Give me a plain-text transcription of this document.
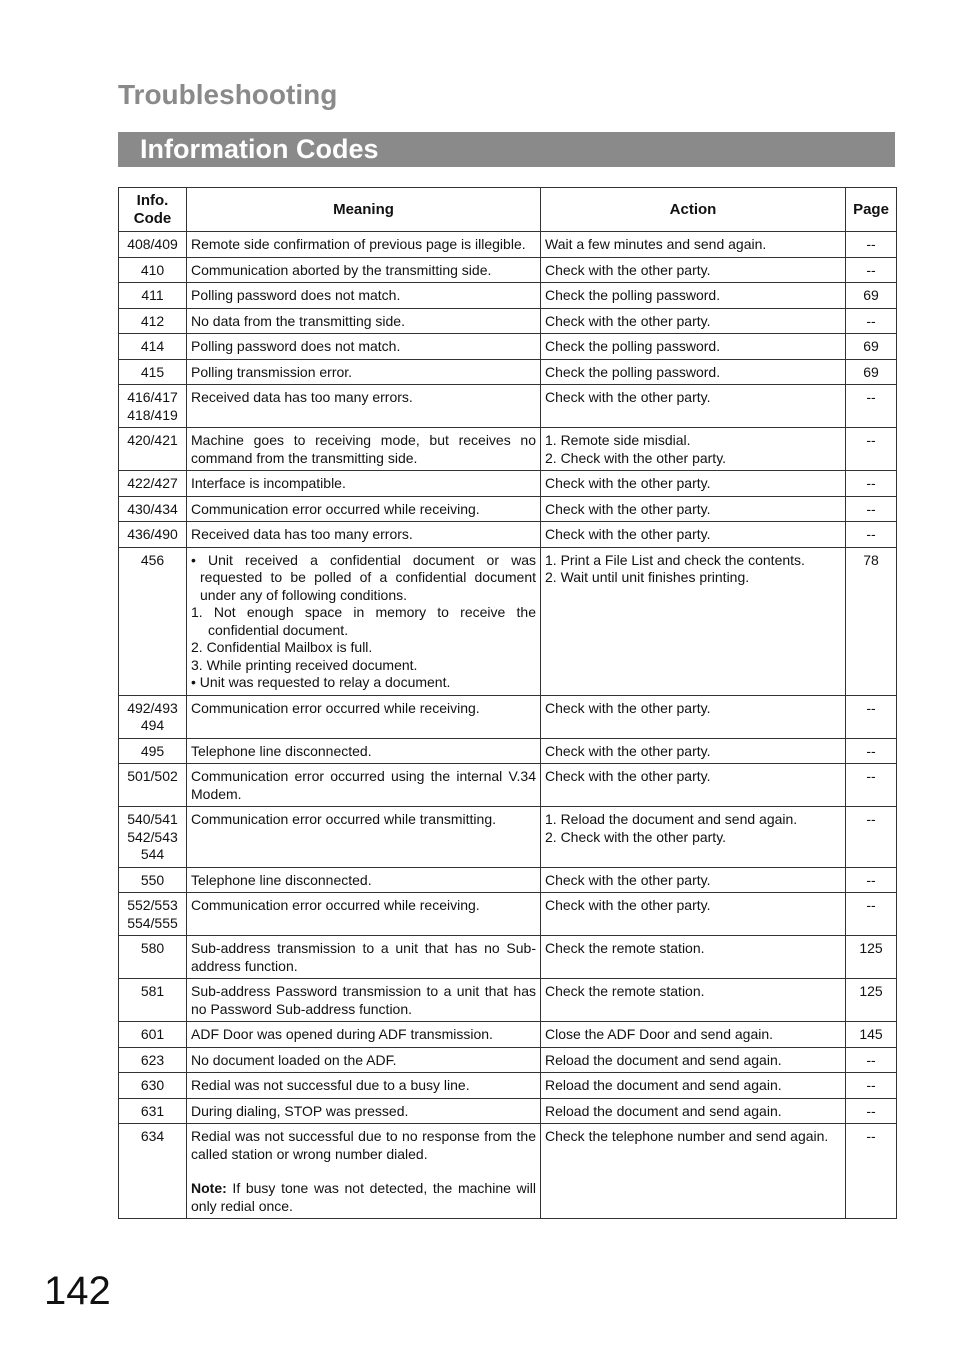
Troubleshooting
Information Codes
Info.
Code	Meaning	Action	Page

408/409	Remote side confirmation of previous page is illegible.	Wait a few minutes and send again.	--

410	Communication aborted by the transmitting side.	Check with the other party.	--

411	Polling password does not match.	Check the polling password.	69

412	No data from the transmitting side.	Check with the other party.	--

414	Polling password does not match.	Check the polling password.	69

415	Polling transmission error.	Check the polling password.	69

416/417
418/419	Received data has too many errors.	Check with the other party.	--

420/421	Machine goes to receiving mode, but receives no command from the transmitting side.	1. Remote side misdial.
2. Check with the other party.	--

422/427	Interface is incompatible.	Check with the other party.	--

430/434	Communication error occurred while receiving.	Check with the other party.	--

436/490	Received data has too many errors.	Check with the other party.	--

456	• Unit received a confidential document or was requested to be polled of a confidential document under any of following conditions.
1. Not enough space in memory to receive the confidential document.
2. Confidential Mailbox is full.
3. While printing received document.
• Unit was requested to relay a document.	1. Print a File List and check the contents.
2. Wait until unit finishes printing.	78

492/493
494	Communication error occurred while receiving.	Check with the other party.	--

495	Telephone line disconnected.	Check with the other party.	--

501/502	Communication error occurred using the internal V.34 Modem.	Check with the other party.	--

540/541
542/543
544	Communication error occurred while transmitting.	1. Reload the document and send again.
2. Check with the other party.	--

550	Telephone line disconnected.	Check with the other party.	--

552/553
554/555	Communication error occurred while receiving.	Check with the other party.	--

580	Sub-address transmission to a unit that has no Sub-address function.	Check the remote station.	125

581	Sub-address Password transmission to a unit that has no Password Sub-address function.	Check the remote station.	125

601	ADF Door was opened during ADF transmission.	Close the ADF Door and send again.	145

623	No document loaded on the ADF.	Reload the document and send again.	--

630	Redial was not successful due to a busy line.	Reload the document and send again.	--

631	During dialing, STOP was pressed.	Reload the document and send again.	--

634	Redial was not successful due to no response from the called station or wrong number dialed.
Note: If busy tone was not detected, the machine will only redial once.	Check the telephone number and send again.	--
142
